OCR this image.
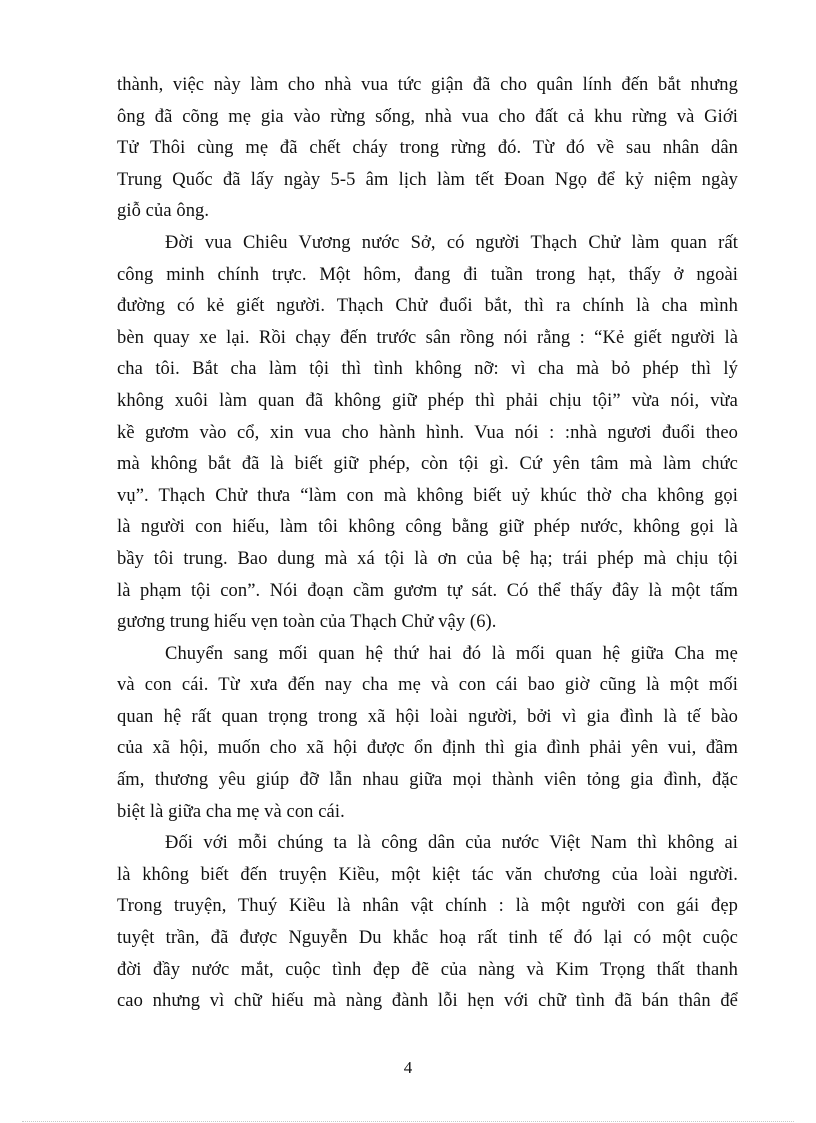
thành, việc này làm cho nhà vua tức giận đã cho quân lính đến bắt nhưng
ông đã cõng mẹ gia vào rừng sống, nhà vua cho đất cả khu rừng và Giới
Tử Thôi cùng mẹ đã chết cháy trong rừng đó. Từ đó về sau nhân dân
Trung Quốc đã lấy ngày 5-5 âm lịch làm tết Đoan Ngọ để kỷ niệm ngày
giỗ của ông.
Đời vua Chiêu Vương nước Sở, có người Thạch Chử làm quan rất
công minh chính trực. Một hôm, đang đi tuần trong hạt, thấy ở ngoài
đường có kẻ giết người. Thạch Chử đuổi bắt, thì ra chính là cha mình
bèn quay xe lại. Rồi chạy đến trước sân rồng nói rằng : “Kẻ giết người là
cha tôi. Bắt cha làm tội thì tình không nỡ: vì cha mà bỏ phép thì lý
không xuôi làm quan đã không giữ phép thì phải chịu tội” vừa nói, vừa
kề gươm vào cổ, xin vua cho hành hình. Vua nói : :nhà ngươi đuổi theo
mà không bắt đã là biết giữ phép, còn tội gì. Cứ yên tâm mà làm chức
vụ”. Thạch Chử thưa “làm con mà không biết uỷ khúc thờ cha không gọi
là người con hiếu, làm tôi không công bằng giữ phép nước, không gọi là
bầy tôi trung. Bao dung mà xá tội là ơn của bệ hạ; trái phép mà chịu tội
là phạm tội con”. Nói đoạn cầm gươm tự sát. Có thể thấy đây là một tấm
gương trung hiếu vẹn toàn của Thạch Chử vậy (6).
Chuyển sang mối quan hệ thứ hai đó là mối quan hệ giữa Cha mẹ
và con cái. Từ xưa đến nay cha mẹ và con cái bao giờ cũng là một mối
quan hệ rất quan trọng trong xã hội loài người, bởi vì gia đình là tế bào
của xã hội, muốn cho xã hội được ổn định thì gia đình phải yên vui, đầm
ấm, thương yêu giúp đỡ lẫn nhau giữa mọi thành viên tỏng gia đình, đặc
biệt là giữa cha mẹ và con cái.
Đối với mỗi chúng ta là công dân của nước Việt Nam thì không ai
là không biết đến truyện Kiều, một kiệt tác văn chương của loài người.
Trong truyện, Thuý Kiều là nhân vật chính : là một người con gái đẹp
tuyệt trần, đã được Nguyễn Du khắc hoạ rất tinh tế đó lại có một cuộc
đời đầy nước mắt, cuộc tình đẹp đẽ của nàng và Kim Trọng thất thanh
cao nhưng vì chữ hiếu mà nàng đành lỗi hẹn với chữ tình đã bán thân để
4
